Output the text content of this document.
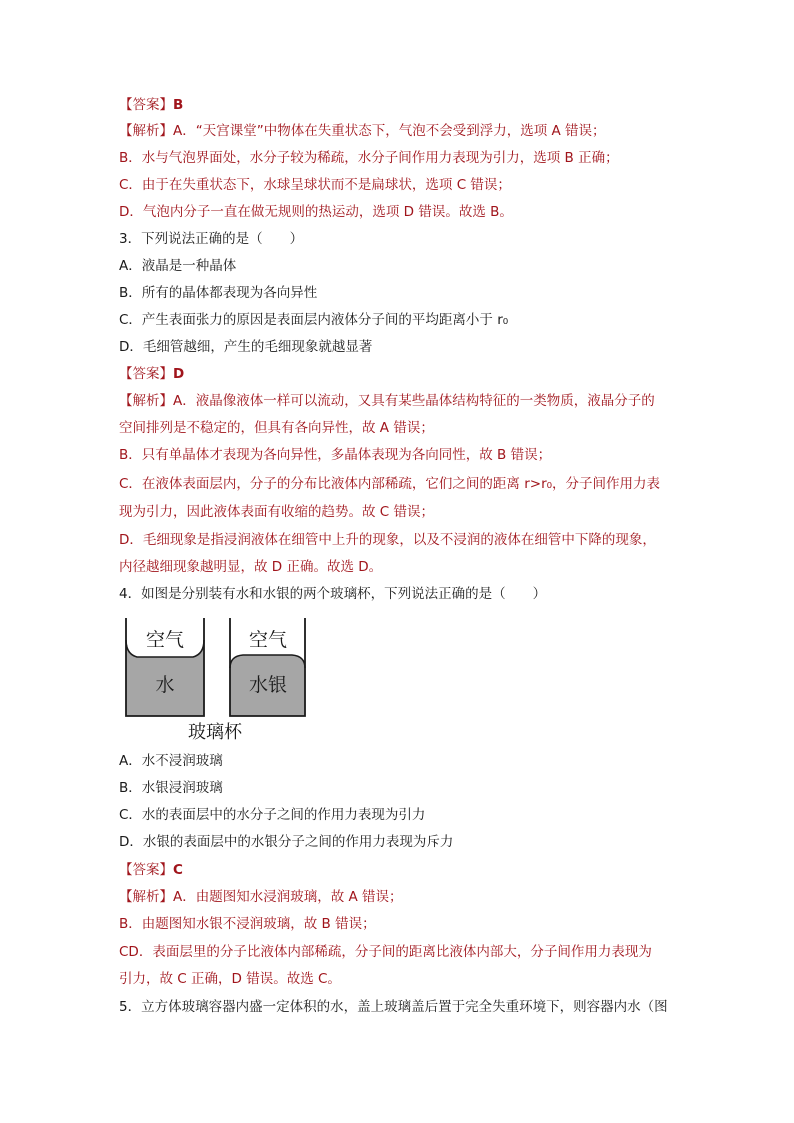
【答案】B
【解析】A．“天宫课堂”中物体在失重状态下，气泡不会受到浮力，选项 A 错误；
B．水与气泡界面处，水分子较为稀疏，水分子间作用力表现为引力，选项 B 正确；
C．由于在失重状态下，水球呈球状而不是扁球状，选项 C 错误；
D．气泡内分子一直在做无规则的热运动，选项 D 错误。故选 B。
3．下列说法正确的是（　　）
A．液晶是一种晶体
B．所有的晶体都表现为各向异性
C．产生表面张力的原因是表面层内液体分子间的平均距离小于 r₀
D．毛细管越细，产生的毛细现象就越显著
【答案】D
【解析】A．液晶像液体一样可以流动，又具有某些晶体结构特征的一类物质，液晶分子的
空间排列是不稳定的，但具有各向异性，故 A 错误；
B．只有单晶体才表现为各向异性，多晶体表现为各向同性，故 B 错误；
C．在液体表面层内，分子的分布比液体内部稀疏，它们之间的距离 r>r₀，分子间作用力表
现为引力，因此液体表面有收缩的趋势。故 C 错误；
D．毛细现象是指浸润液体在细管中上升的现象，以及不浸润的液体在细管中下降的现象，
内径越细现象越明显，故 D 正确。故选 D。
4．如图是分别装有水和水银的两个玻璃杯，下列说法正确的是（　　）
空气
水
空气
水银
玻璃杯
A．水不浸润玻璃
B．水银浸润玻璃
C．水的表面层中的水分子之间的作用力表现为引力
D．水银的表面层中的水银分子之间的作用力表现为斥力
【答案】C
【解析】A．由题图知水浸润玻璃，故 A 错误；
B．由题图知水银不浸润玻璃，故 B 错误；
CD．表面层里的分子比液体内部稀疏，分子间的距离比液体内部大，分子间作用力表现为
引力，故 C 正确，D 错误。故选 C。
5．立方体玻璃容器内盛一定体积的水，盖上玻璃盖后置于完全失重环境下，则容器内水（图
